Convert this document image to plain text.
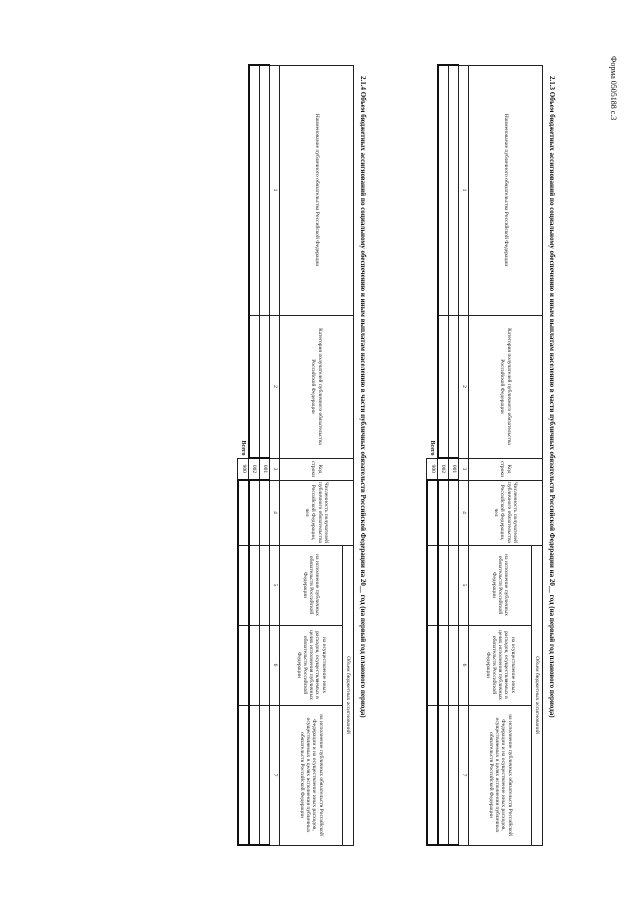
Форма 0505188 с.3
2.1.3 Объем бюджетных ассигнований по социальному обеспечению и иным выплатам населению в части публичных обязательств Российской Федерации на 20__ год (на первый год планового периода)
Наименование публичного обязательства Российской Федерации	Категория получателей публичного обязательства Российской Федерации	Код строки	Численность получателей публичного обязательства Российской Федерации, чел	Объем бюджетных ассигнований		
				на исполнение публичных обязательств Российской Федерации	на осуществление иных расходов, осуществляемых в целях исполнения публичных обязательств Российской Федерации	на исполнение публичных обязательств Российской Федерации и на осуществление иных расходов, осуществляемых в целях исполнения публичных обязательств Российской Федерации
1	2	3	4	5	6	7
		001				
		002				
	Всего	900				
2.1.4 Объем бюджетных ассигнований по социальному обеспечению и иным выплатам населению в части публичных обязательств Российской Федерации на 20__ год (на первый год планового периода)
Наименование публичного обязательства Российской Федерации	Категория получателей публичного обязательства Российской Федерации	Код строки	Численность получателей публичного обязательства Российской Федерации, чел	Объем бюджетных ассигнований		
				на исполнение публичных обязательств Российской Федерации	на осуществление иных расходов, осуществляемых в целях исполнения публичных обязательств Российской Федерации	на исполнение публичных обязательств Российской Федерации и на осуществление иных расходов, осуществляемых в целях исполнения публичных обязательств Российской Федерации
1	2	3	4	5	6	7
		001				
		002				
	Всего	900				
